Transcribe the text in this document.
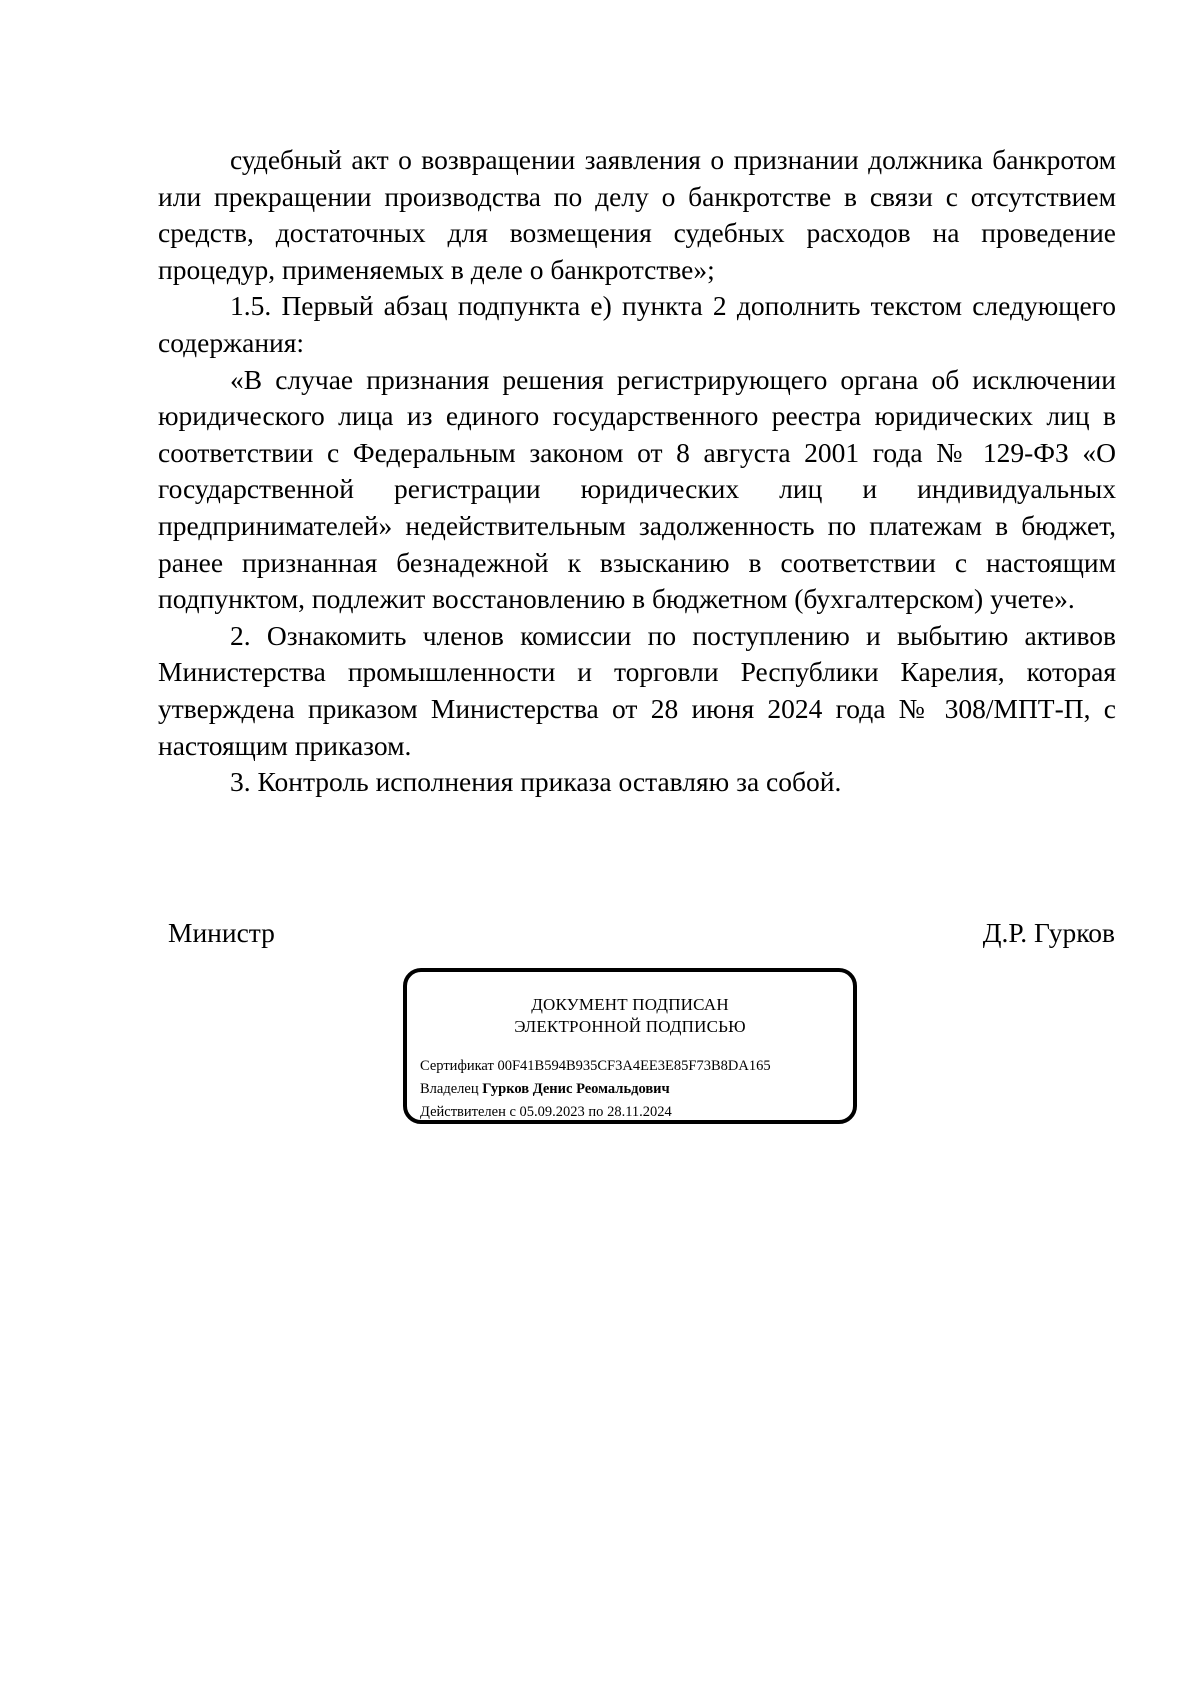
судебный акт о возвращении заявления о признании должника банкротом или прекращении производства по делу о банкротстве в связи с отсутствием средств, достаточных для возмещения судебных расходов на проведение процедур, применяемых в деле о банкротстве»;

1.5. Первый абзац подпункта е) пункта 2 дополнить текстом следующего содержания:

«В случае признания решения регистрирующего органа об исключении юридического лица из единого государственного реестра юридических лиц в соответствии с Федеральным законом от 8 августа 2001 года № 129-ФЗ «О

государственной регистрации юридических лиц и индивидуальных

предпринимателей» недействительным задолженность по платежам в бюджет, ранее признанная безнадежной к взысканию в соответствии с настоящим подпунктом, подлежит восстановлению в бюджетном (бухгалтерском) учете».

2. Ознакомить членов комиссии по поступлению и выбытию активов Министерства промышленности и торговли Республики Карелия, которая утверждена приказом Министерства от 28 июня 2024 года № 308/МПТ-П, с настоящим приказом.

3. Контроль исполнения приказа оставляю за собой.

Министр	Д.Р. Гурков
ДОКУМЕНТ ПОДПИСАН
ЭЛЕКТРОННОЙ ПОДПИСЬЮ
Сертификат 00F41B594B935CF3A4EE3E85F73B8DA165
Владелец Гурков Денис Реомальдович
Действителен с 05.09.2023 по 28.11.2024
